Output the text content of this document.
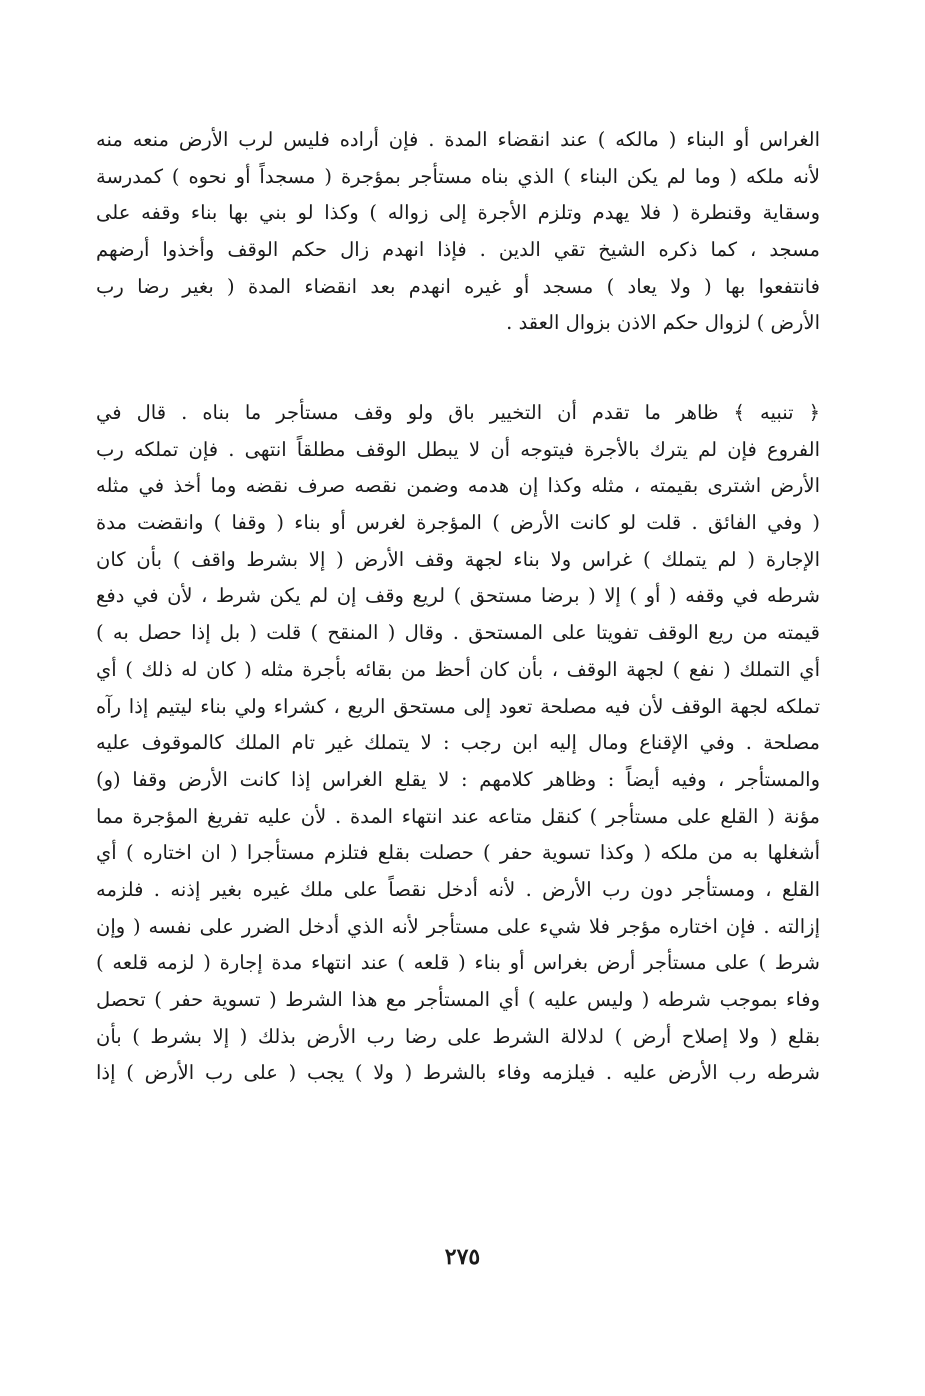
الغراس أو البناء ( مالكه ) عند انقضاء المدة . فإن أراده فليس لرب الأرض منعه منه
لأنه ملكه ( وما لم يكن البناء ) الذي بناه مستأجر بمؤجرة ( مسجداً أو نحوه ) كمدرسة
وسقاية وقنطرة ( فلا يهدم وتلزم الأجرة إلى زواله ) وكذا لو بني بها بناء وقفه على
مسجد ، كما ذكره الشيخ تقي الدين . فإذا انهدم زال حكم الوقف وأخذوا أرضهم
فانتفعوا بها ( ولا يعاد ) مسجد أو غيره انهدم بعد انقضاء المدة ( بغير رضا رب
الأرض ) لزوال حكم الاذن بزوال العقد .
﴿ تنبيه ﴾ ظاهر ما تقدم أن التخيير باق ولو وقف مستأجر ما بناه . قال في
الفروع فإن لم يترك بالأجرة فيتوجه أن لا يبطل الوقف مطلقاً انتهى . فإن تملكه رب
الأرض اشترى بقيمته ، مثله وكذا إن هدمه وضمن نقصه صرف نقضه وما أخذ في مثله
( وفي الفائق . قلت لو كانت الأرض ) المؤجرة لغرس أو بناء ( وقفا ) وانقضت مدة
الإجارة ( لم يتملك ) غراس ولا بناء لجهة وقف الأرض ( إلا بشرط واقف ) بأن كان
شرطه في وقفه ( أو ) إلا ( برضا مستحق ) لريع وقف إن لم يكن شرط ، لأن في دفع
قيمته من ريع الوقف تفويتا على المستحق . وقال ( المنقح ) قلت ( بل إذا حصل به )
أي التملك ( نفع ) لجهة الوقف ، بأن كان أحظ من بقائه بأجرة مثله ( كان له ذلك ) أي
تملكه لجهة الوقف لأن فيه مصلحة تعود إلى مستحق الريع ، كشراء ولي بناء ليتيم إذا رآه
مصلحة . وفي الإقناع ومال إليه ابن رجب : لا يتملك غير تام الملك كالموقوف عليه
والمستأجر ، وفيه أيضاً : وظاهر كلامهم : لا يقلع الغراس إذا كانت الأرض وقفا (و)
مؤنة ( القلع على مستأجر ) كنقل متاعه عند انتهاء المدة . لأن عليه تفريغ المؤجرة مما
أشغلها به من ملكه ( وكذا تسوية حفر ) حصلت بقلع فتلزم مستأجرا ( ان اختاره ) أي
القلع ، ومستأجر دون رب الأرض . لأنه أدخل نقصاً على ملك غيره بغير إذنه . فلزمه
إزالته . فإن اختاره مؤجر فلا شيء على مستأجر لأنه الذي أدخل الضرر على نفسه ( وإن
شرط ) على مستأجر أرض بغراس أو بناء ( قلعه ) عند انتهاء مدة إجارة ( لزمه قلعه )
وفاء بموجب شرطه ( وليس عليه ) أي المستأجر مع هذا الشرط ( تسوية حفر ) تحصل
بقلع ( ولا إصلاح أرض ) لدلالة الشرط على رضا رب الأرض بذلك ( إلا بشرط ) بأن
شرطه رب الأرض عليه . فيلزمه وفاء بالشرط ( ولا ) يجب ( على رب الأرض ) إذا
٢٧٥
